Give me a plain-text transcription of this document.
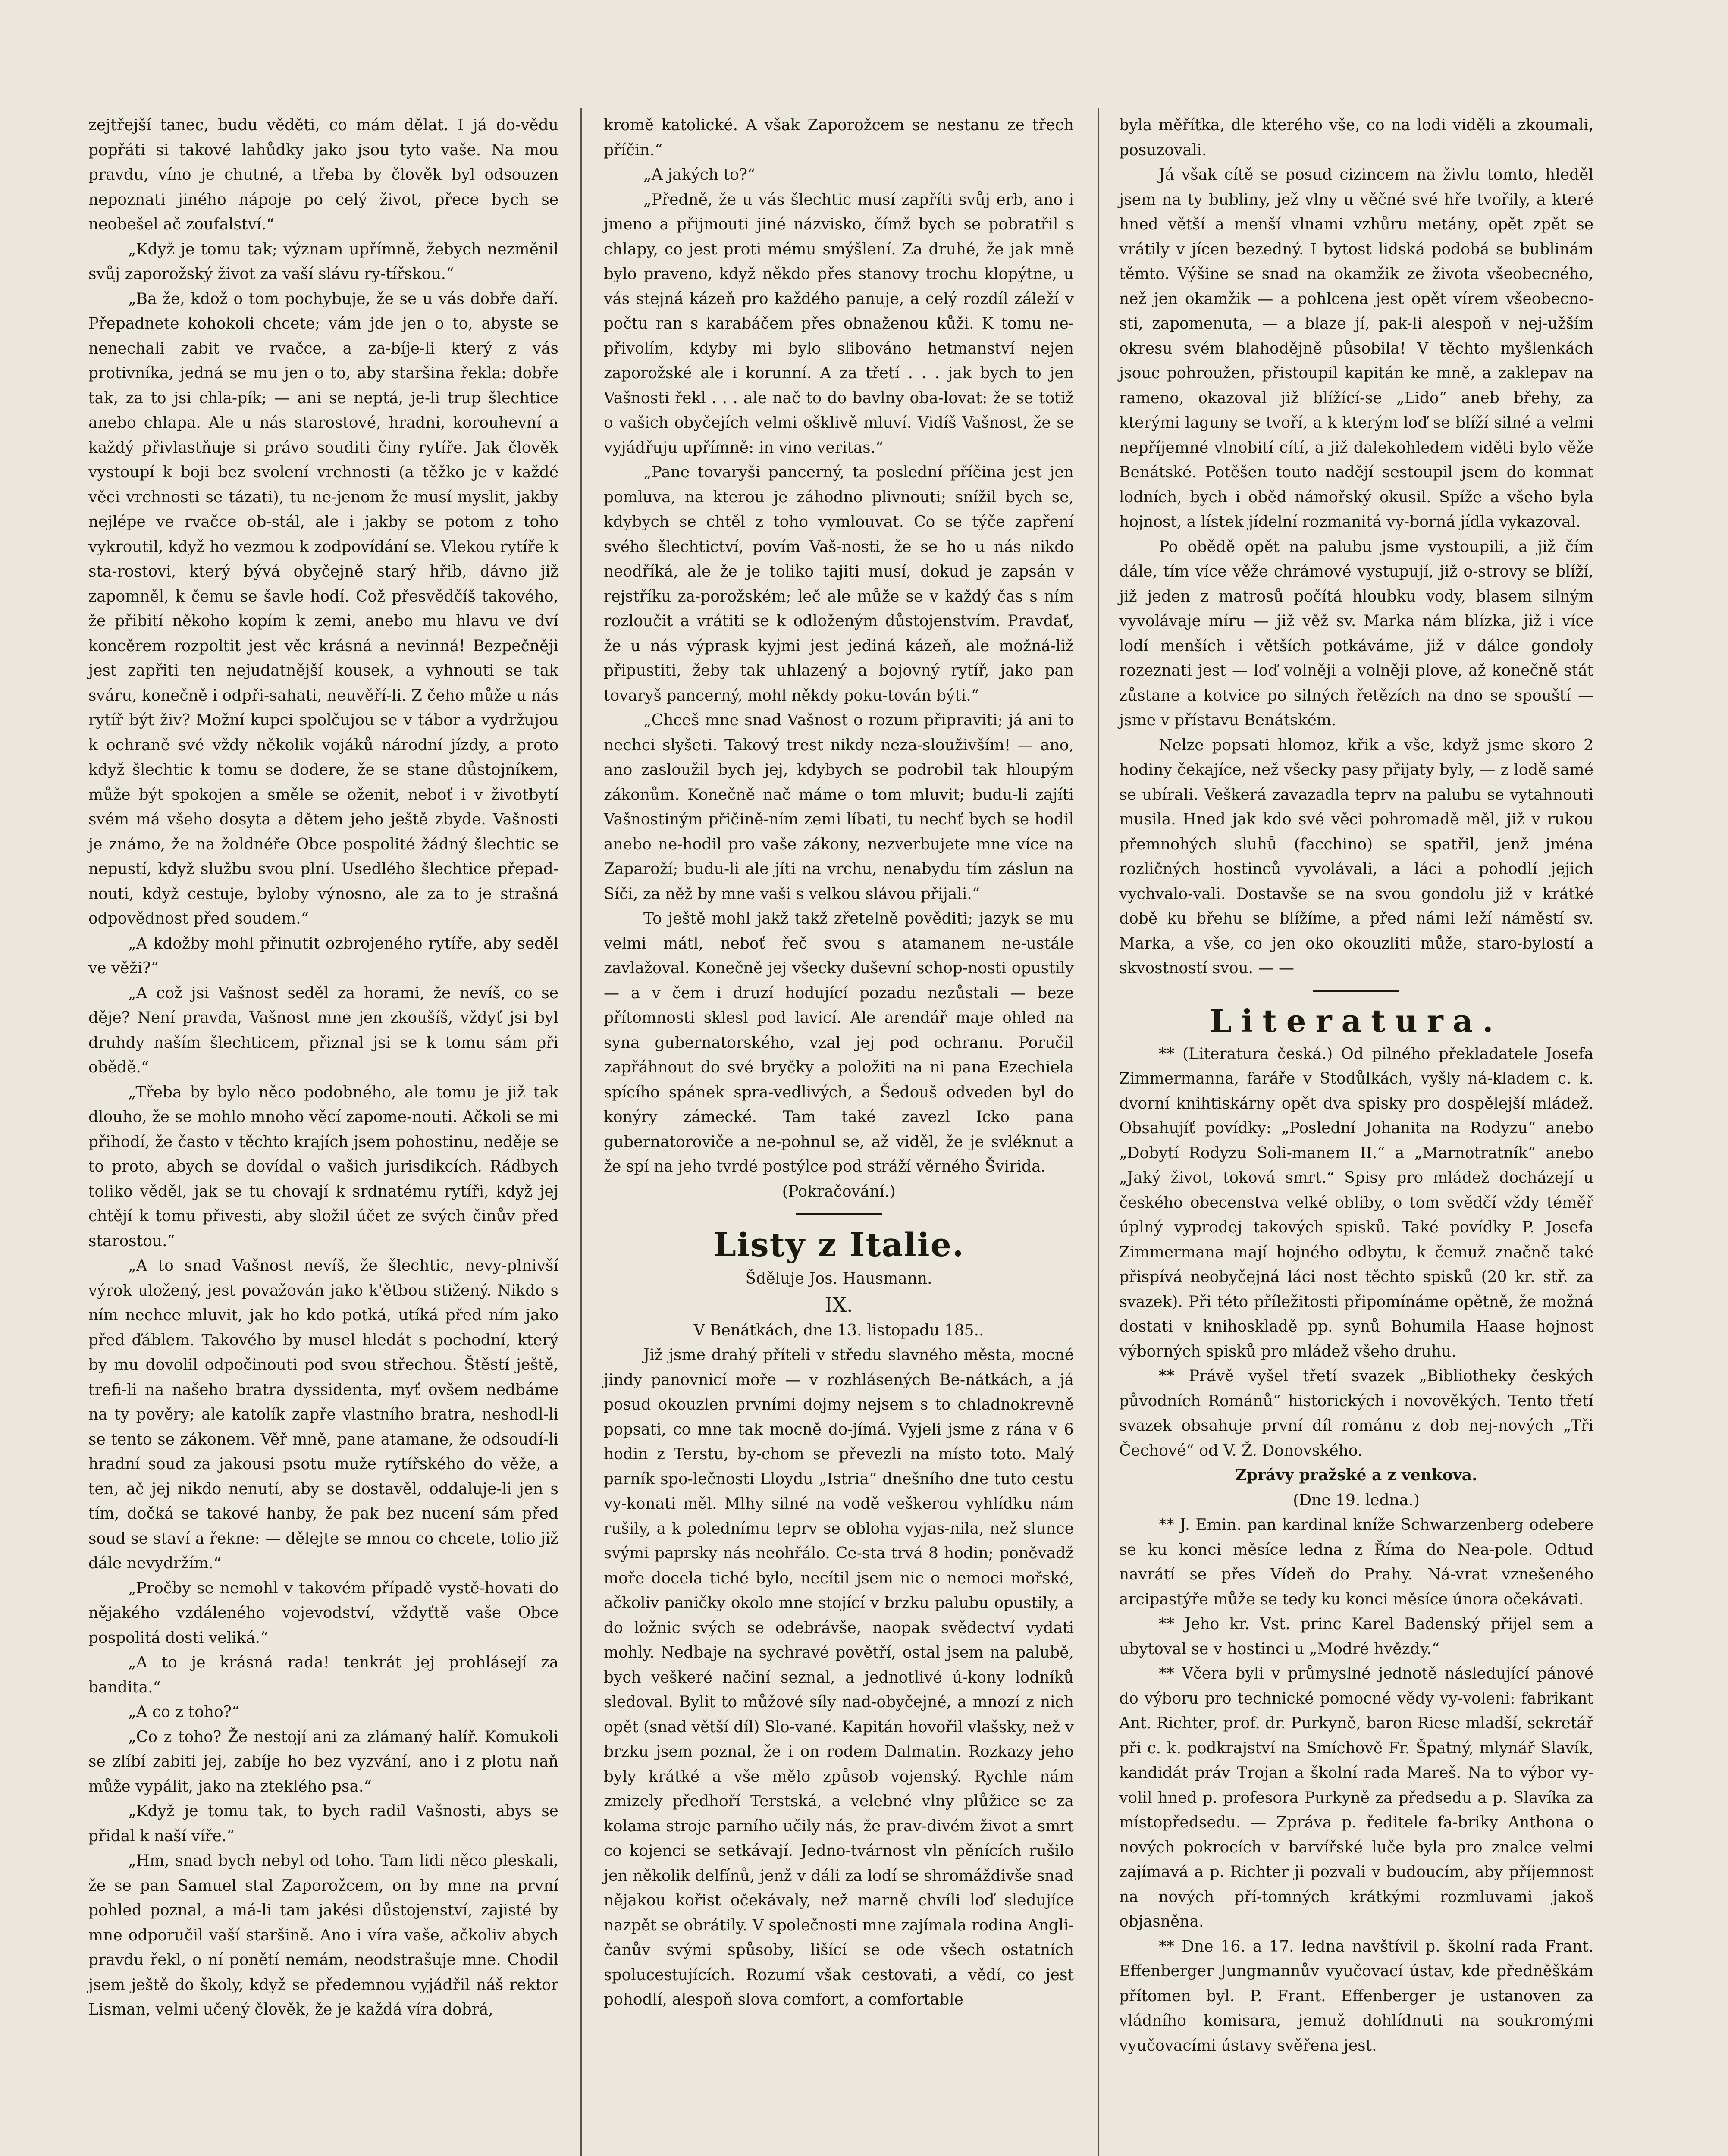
zejtřejší tanec, budu věděti, co mám dělat. I já do-vědu popřáti si takové lahůdky jako jsou tyto vaše. Na mou pravdu, víno je chutné, a třeba by člověk byl odsouzen nepoznati jiného nápoje po celý život, přece bych se neobešel ač zoufalství.“

„Když je tomu tak; význam upřímně, žebych nezměnil svůj zaporožský život za vaší slávu ry-tířskou.“

„Ba že, kdož o tom pochybuje, že se u vás dobře daří. Přepadnete kohokoli chcete; vám jde jen o to, abyste se nenechali zabit ve rvačce, a za-bíje-li který z vás protivníka, jedná se mu jen o to, aby staršina řekla: dobře tak, za to jsi chla-pík; — ani se neptá, je-li trup šlechtice anebo chlapa. Ale u nás starostové, hradni, korouhevní a každý přivlastňuje si právo souditi činy rytíře. Jak člověk vystoupí k boji bez svolení vrchnosti (a těžko je v každé věci vrchnosti se tázati), tu ne-jenom že musí myslit, jakby nejlépe ve rvačce ob-stál, ale i jakby se potom z toho vykroutil, když ho vezmou k zodpovídání se. Vlekou rytíře k sta-rostovi, který bývá obyčejně starý hřib, dávno již zapomněl, k čemu se šavle hodí. Což přesvědčíš takového, že přibití někoho kopím k zemi, anebo mu hlavu ve dví koncěrem rozpoltit jest věc krásná a nevinná! Bezpečněji jest zapřiti ten nejudatnější kousek, a vyhnouti se tak sváru, konečně i odpři-sahati, neuvěří-li. Z čeho může u nás rytíř být živ? Možní kupci spolčujou se v tábor a vydržujou k ochraně své vždy několik vojáků národní jízdy, a proto když šlechtic k tomu se dodere, že se stane důstojníkem, může být spokojen a směle se oženit, neboť i v životbytí svém má všeho dosyta a dětem jeho ještě zbyde. Vašnosti je známo, že na žoldnéře Obce pospolité žádný šlechtic se nepustí, když službu svou plní. Usedlého šlechtice přepad-nouti, když cestuje, byloby výnosno, ale za to je strašná odpovědnost před soudem.“

„A kdožby mohl přinutit ozbrojeného rytíře, aby seděl ve věži?“

„A což jsi Vašnost seděl za horami, že nevíš, co se děje? Není pravda, Vašnost mne jen zkoušíš, vždyť jsi byl druhdy naším šlechticem, přiznal jsi se k tomu sám při obědě.“

„Třeba by bylo něco podobného, ale tomu je již tak dlouho, že se mohlo mnoho věcí zapome-nouti. Ačkoli se mi přihodí, že často v těchto krajích jsem pohostinu, neděje se to proto, abych se dovídal o vašich jurisdikcích. Rádbych toliko věděl, jak se tu chovají k srdnatému rytíři, když jej chtějí k tomu přivesti, aby složil účet ze svých činův před starostou.“

„A to snad Vašnost nevíš, že šlechtic, nevy-plnivší výrok uložený, jest považován jako k'ětbou stižený. Nikdo s ním nechce mluvit, jak ho kdo potká, utíká před ním jako před ďáblem. Takového by musel hledát s pochodní, který by mu dovolil odpočinouti pod svou střechou. Štěstí ještě, trefi-li na našeho bratra dyssidenta, myť ovšem nedbáme na ty pověry; ale katolík zapře vlastního bratra, neshodl-li se tento se zákonem. Věř mně, pane atamane, že odsoudí-li hradní soud za jakousi psotu muže rytířského do věže, a ten, ač jej nikdo nenutí, aby se dostavěl, oddaluje-li jen s tím, dočká se takové hanby, že pak bez nucení sám před soud se staví a řekne: — dělejte se mnou co chcete, tolio již dále nevydržím.“

„Pročby se nemohl v takovém případě vystě-hovati do nějakého vzdáleného vojevodství, vždyťtě vaše Obce pospolitá dosti veliká.“

„A to je krásná rada! tenkrát jej prohlásejí za bandita.“

„A co z toho?“

„Co z toho? Že nestojí ani za zlámaný halíř. Komukoli se zlíbí zabiti jej, zabíje ho bez vyzvání, ano i z plotu naň může vypálit, jako na zteklého psa.“

„Když je tomu tak, to bych radil Vašnosti, abys se přidal k naší víře.“

„Hm, snad bych nebyl od toho. Tam lidi něco pleskali, že se pan Samuel stal Zaporožcem, on by mne na první pohled poznal, a má-li tam jakési důstojenství, zajisté by mne odporučil vaší staršině. Ano i víra vaše, ačkoliv abych pravdu řekl, o ní ponětí nemám, neodstrašuje mne. Chodil jsem ještě do školy, když se předemnou vyjádřil náš rektor Lisman, velmi učený člověk, že je každá víra dobrá,

kromě katolické. A však Zaporožcem se nestanu ze třech příčin.“

„A jakých to?“

„Předně, že u vás šlechtic musí zapříti svůj erb, ano i jmeno a přijmouti jiné názvisko, čímž bych se pobratřil s chlapy, co jest proti mému smýšlení. Za druhé, že jak mně bylo praveno, když někdo přes stanovy trochu klopýtne, u vás stejná kázeň pro každého panuje, a celý rozdíl záleží v počtu ran s karabáčem přes obnaženou kůži. K tomu ne-přivolím, kdyby mi bylo slibováno hetmanství nejen zaporožské ale i korunní. A za třetí . . . jak bych to jen Vašnosti řekl . . . ale nač to do bavlny oba-lovat: že se totiž o vašich obyčejích velmi ošklivě mluví. Vidíš Vašnost, že se vyjádřuju upřímně: in vino veritas.“

„Pane tovaryši pancerný, ta poslední příčina jest jen pomluva, na kterou je záhodno plivnouti; snížil bych se, kdybych se chtěl z toho vymlouvat. Co se týče zapření svého šlechtictví, povím Vaš-nosti, že se ho u nás nikdo neodříká, ale že je toliko tajiti musí, dokud je zapsán v rejstříku za-porožském; leč ale může se v každý čas s ním rozloučit a vrátiti se k odloženým důstojenstvím. Pravdať, že u nás výprask kyjmi jest jediná kázeň, ale možná-liž připustiti, žeby tak uhlazený a bojovný rytíř, jako pan tovaryš pancerný, mohl někdy poku-tován býti.“

„Chceš mne snad Vašnost o rozum připraviti; já ani to nechci slyšeti. Takový trest nikdy neza-slouživším! — ano, ano zasloužil bych jej, kdybych se podrobil tak hloupým zákonům. Konečně nač máme o tom mluvit; budu-li zajíti Vašnostiným přičině-ním zemi líbati, tu nechť bych se hodil anebo ne-hodil pro vaše zákony, nezverbujete mne více na Zaparoží; budu-li ale jíti na vrchu, nenabydu tím záslun na Síči, za něž by mne vaši s velkou slávou přijali.“

To ještě mohl jakž takž zřetelně pověditi; jazyk se mu velmi mátl, neboť řeč svou s atamanem ne-ustále zavlažoval. Konečně jej všecky duševní schop-nosti opustily — a v čem i druzí hodující pozadu nezůstali — beze přítomnosti sklesl pod lavicí. Ale arendář maje ohled na syna gubernatorského, vzal jej pod ochranu. Poručil zapřáhnout do své bryčky a položiti na ni pana Ezechiela spícího spánek spra-vedlivých, a Šedouš odveden byl do konýry zámecké. Tam také zavezl Icko pana gubernatoroviče a ne-pohnul se, až viděl, že je svléknut a že spí na jeho tvrdé postýlce pod stráží věrného Švirida.

(Pokračování.)

Listy z Italie.

Šděluje Jos. Hausmann.

IX.

V Benátkách, dne 13. listopadu 185..

Již jsme drahý příteli v středu slavného města, mocné jindy panovnicí moře — v rozhlásených Be-nátkách, a já posud okouzlen prvními dojmy nejsem s to chladnokrevně popsati, co mne tak mocně do-jímá. Vyjeli jsme z rána v 6 hodin z Terstu, by-chom se převezli na místo toto. Malý parník spo-lečnosti Lloydu „Istria“ dnešního dne tuto cestu vy-konati měl. Mlhy silné na vodě veškerou vyhlídku nám rušily, a k polednímu teprv se obloha vyjas-nila, než slunce svými paprsky nás neohřálo. Ce-sta trvá 8 hodin; poněvadž moře docela tiché bylo, necítil jsem nic o nemoci mořské, ačkoliv paničky okolo mne stojící v brzku palubu opustily, a do ložnic svých se odebrávše, naopak svědectví vydati mohly. Nedbaje na sychravé povětří, ostal jsem na palubě, bych veškeré načiní seznal, a jednotlivé ú-kony lodníků sledoval. Bylit to můžové síly nad-obyčejné, a mnozí z nich opět (snad větší díl) Slo-vané. Kapitán hovořil vlašsky, než v brzku jsem poznal, že i on rodem Dalmatin. Rozkazy jeho byly krátké a vše mělo způsob vojenský. Rychle nám zmizely předhoří Terstská, a velebné vlny plůžice se za kolama stroje parního učily nás, že prav-divém život a smrt co kojenci se setkávají. Jedno-tvárnost vln pěnících rušilo jen několik delfínů, jenž v dáli za lodí se shromáždivše snad nějakou kořist očekávaly, než marně chvíli loď sledujíce nazpět se obrátily. V společnosti mne zajímala rodina Angli-čanův svými spůsoby, lišící se ode všech ostatních spolucestujících. Rozumí však cestovati, a vědí, co jest pohodlí, alespoň slova comfort, a comfortable

byla měřítka, dle kterého vše, co na lodi viděli a zkoumali, posuzovali.

Já však cítě se posud cizincem na živlu tomto, hleděl jsem na ty bubliny, jež vlny u věčné své hře tvořily, a které hned větší a menší vlnami vzhůru metány, opět zpět se vrátily v jícen bezedný. I bytost lidská podobá se bublinám těmto. Výšine se snad na okamžik ze života všeobecného, než jen okamžik — a pohlcena jest opět vírem všeobecno-sti, zapomenuta, — a blaze jí, pak-li alespoň v nej-užším okresu svém blahodějně působila! V těchto myšlenkách jsouc pohroužen, přistoupil kapitán ke mně, a zaklepav na rameno, okazoval již blížící-se „Lido“ aneb břehy, za kterými laguny se tvoří, a k kterým loď se blíží silné a velmi nepříjemné vlnobití cítí, a již dalekohledem viděti bylo věže Benátské. Potěšen touto nadějí sestoupil jsem do komnat lodních, bych i oběd námořský okusil. Spíže a všeho byla hojnost, a lístek jídelní rozmanitá vy-borná jídla vykazoval.

Po obědě opět na palubu jsme vystoupili, a již čím dále, tím více věže chrámové vystupují, již o-strovy se blíží, již jeden z matrosů počítá hloubku vody, blasem silným vyvolávaje míru — již věž sv. Marka nám blízka, již i více lodí menších i větších potkáváme, již v dálce gondoly rozeznati jest — loď volněji a volněji plove, až konečně stát zůstane a kotvice po silných řetězích na dno se spouští — jsme v přístavu Benátském.

Nelze popsati hlomoz, křik a vše, když jsme skoro 2 hodiny čekajíce, než všecky pasy přijaty byly, — z lodě samé se ubírali. Veškerá zavazadla teprv na palubu se vytahnouti musila. Hned jak kdo své věci pohromadě měl, již v rukou přemnohých sluhů (facchino) se spatřil, jenž jména rozličných hostinců vyvolávali, a láci a pohodlí jejich vychvalo-vali. Dostavše se na svou gondolu již v krátké době ku břehu se blížíme, a před námi leží náměstí sv. Marka, a vše, co jen oko okouzliti může, staro-bylostí a skvostností svou. — —

Literatura.

** (Literatura česká.) Od pilného překladatele Josefa Zimmermanna, faráře v Stodůlkách, vyšly ná-kladem c. k. dvorní knihtiskárny opět dva spisky pro dospělejší mládež. Obsahujíť povídky: „Poslední Johanita na Rodyzu“ anebo „Dobytí Rodyzu Soli-manem II.“ a „Marnotratník“ anebo „Jaký život, toková smrt.“ Spisy pro mládež docházejí u českého obecenstva velké obliby, o tom svědčí vždy téměř úplný vyprodej takových spisků. Také povídky P. Josefa Zimmermana mají hojného odbytu, k čemuž značně také přispívá neobyčejná láci nost těchto spisků (20 kr. stř. za svazek). Při této příležitosti připomínáme opětně, že možná dostati v knihoskladě pp. synů Bohumila Haase hojnost výborných spisků pro mládež všeho druhu.

** Právě vyšel třetí svazek „Bibliotheky českých původních Románů“ historických i novověkých. Tento třetí svazek obsahuje první díl románu z dob nej-nových „Tři Čechové“ od V. Ž. Donovského.

Zprávy pražské a z venkova.

(Dne 19. ledna.)

** J. Emin. pan kardinal kníže Schwarzenberg odebere se ku konci měsíce ledna z Říma do Nea-pole. Odtud navrátí se přes Vídeň do Prahy. Ná-vrat vznešeného arcipastýře může se tedy ku konci měsíce února očekávati.

** Jeho kr. Vst. princ Karel Badenský přijel sem a ubytoval se v hostinci u „Modré hvězdy.“

** Včera byli v průmyslné jednotě následující pánové do výboru pro technické pomocné vědy vy-voleni: fabrikant Ant. Richter, prof. dr. Purkyně, baron Riese mladší, sekretář při c. k. podkrajství na Smíchově Fr. Špatný, mlynář Slavík, kandidát práv Trojan a školní rada Mareš. Na to výbor vy-volil hned p. profesora Purkyně za předsedu a p. Slavíka za místopředsedu. — Zpráva p. ředitele fa-briky Anthona o nových pokrocích v barvířské luče byla pro znalce velmi zajímavá a p. Richter ji pozvali v budoucím, aby příjemnost na nových pří-tomných krátkými rozmluvami jakoš objasněna.

** Dne 16. a 17. ledna navštívil p. školní rada Frant. Effenberger Jungmannův vyučovací ústav, kde předněškám přítomen byl. P. Frant. Effenberger je ustanoven za vládního komisara, jemuž dohlídnuti na soukromými vyučovacími ústavy svěřena jest.
